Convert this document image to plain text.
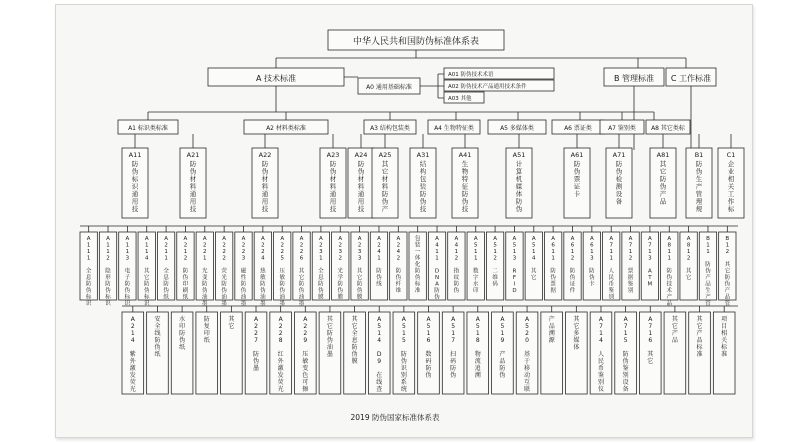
中华人民共和国防伪标准体系表
A 技术标准	B 管理标准 C 工作标准
A0 通用基础标准
A01 防伪技术术语
A02 防伪技术产品通用技术条件
A03 其他
A1 标识类标准	A2 材料类标准	A3 结构包装类	A4 生物特征类	A5 多媒体类	A6 票证类	A7 鉴别类	A8 其它类标
A11
防伪标识通用技
A21
防伪材料通用技
A22
防伪材料通用技
A23
防伪材料通用技
A24
防伪材料通用技
A25
其它材料防伪产
A31
结构包装防伪技
A41
生物特征防伪技
A51
计算机媒体防伪
A61
防伪票证卡
A71
防伪检测设备
A81
其它防伪产品
B1
防伪生产管理规
C1
企业相关工作标
A 1 1 1 全息防伪标识
A 1 1 2 隐形防伪标识
A 1 1 3 电子防伪标识
A 1 1 4 其它防伪标识
A 2 1 1 全息防伪纸
A 2 1 2 防伪印刷纸
A 2 2 1 光变防伪油墨
A 2 2 2 荧光防伪油墨
A 2 2 3 磁性防伪油墨
A 2 2 4 热敏防伪油墨
A 2 2 5 压敏防伪油墨
A 2 2 6 其它防伪油墨
A 2 3 1 全息防伪膜
A 2 3 2 光学防伪膜
A 2 3 3 其它防伪膜
A 2 4 1 防伪线
A 2 4 2 防伪纤维
包装一体化防伪标准
A 4 1 1 D N A 防伪
A 4 1 2 指纹防伪
A 5 1 1 数字水印
A 5 1 2 二维码
A 5 1 3 R F I D
A 5 1 4 其它
A 6 1 1 防伪票据
A 6 1 2 防伪证件
A 6 1 3 防伪卡
A 7 1 1 人民币鉴别
A 7 1 2 票据鉴别
A 7 1 3 A T M
A 8 1 1 防伪技术产品
A 8 1 2 其它
B 1 1 防伪产品生产管
B 1 2 其它防伪产品管
A 2 1 4 紫外激发荧光
安全线防伪纸
水印防伪纸
防复印纸
其它
A 2 2 7 防伪墨
A 2 2 8 红外激发荧光
A 2 2 9 压敏变色可擦
其它防伪油墨
其它全息防伪膜
A 5 1 4 D 9 在线查
A 5 1 5 防伪识别系统
A 5 1 6 数码防伪
A 5 1 7 扫码防伪
A 5 1 8 物流追溯
A 5 1 9 产品防伪
A 5 2 0 基于移动互联
产品溯源
其它多媒体
A 7 1 4 人民币鉴别仪
A 7 1 5 防伪鉴别设备
A 7 1 6 其它
其它产品
其它产品标准
项目相关标准
2019 防伪国家标准体系表
